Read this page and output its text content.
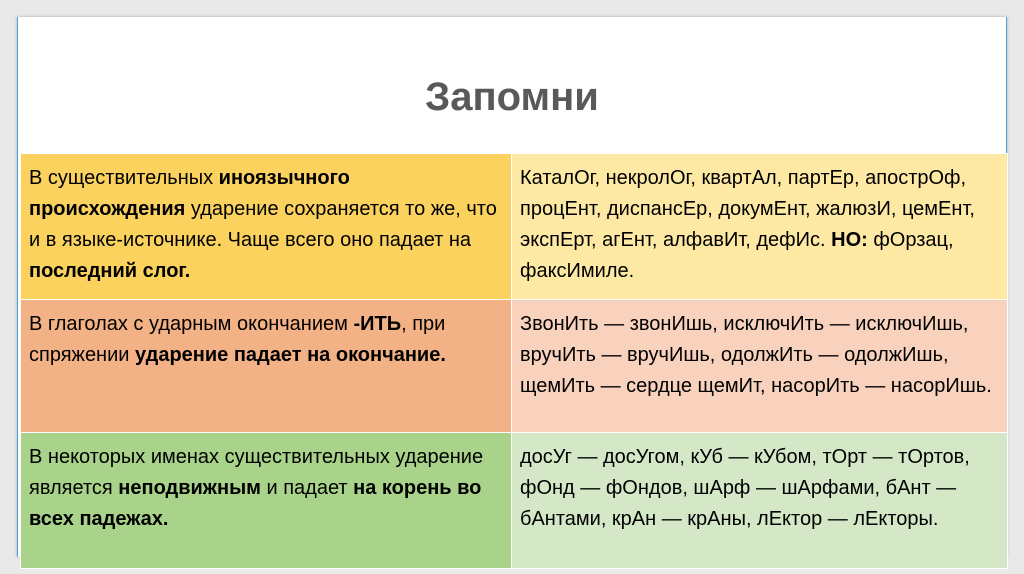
Запомни
В существительных иноязычного происхождения ударение сохраняется то же, что и в языке-источнике. Чаще всего оно падает на последний слог.	КаталОг, некролОг, квартАл, партЕр, апострОф, процЕнт, диспансЕр, докумЕнт, жалюзИ, цемЕнт, экспЕрт, агЕнт, алфавИт, дефИс. НО: фОрзац, факсИмиле.
В глаголах с ударным окончанием -ИТЬ, при спряжении ударение падает на окончание.	ЗвонИть — звонИшь, исключИть — исключИшь, вручИть — вручИшь, одолжИть — одолжИшь, щемИть — сердце щемИт, насорИть — насорИшь.
В некоторых именах существительных ударение является неподвижным и падает на корень во всех падежах.	досУг — досУгом, кУб — кУбом, тОрт — тОртов, фОнд — фОндов, шАрф — шАрфами, бАнт — бАнтами, крАн — крАны, лЕктор — лЕкторы.
